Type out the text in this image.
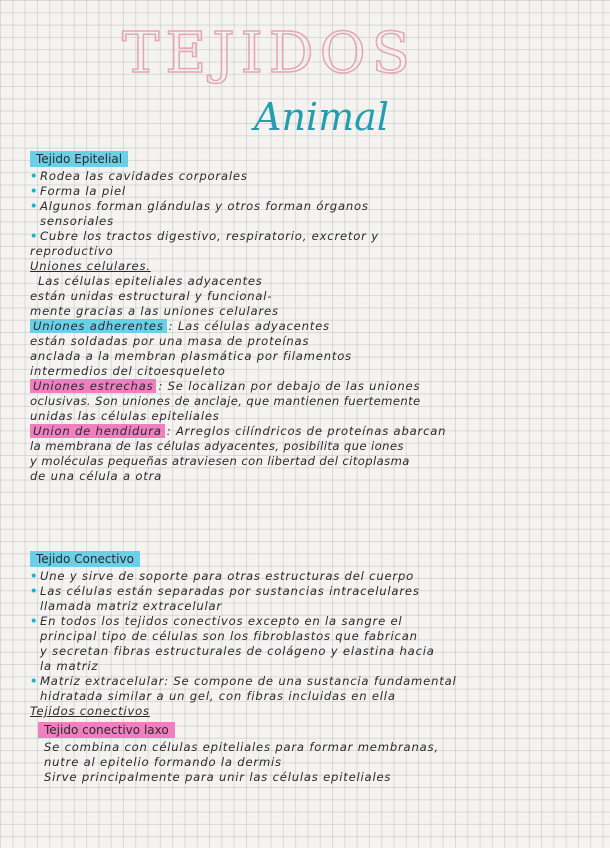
TEJIDOS
Animal
Tejido Epitelial

• Rodea las cavidades corporales

• Forma la piel

• Algunos forman glándulas y otros forman órganos

sensoriales

• Cubre los tractos digestivo, respiratorio, excretor y

reproductivo

Uniones celulares.

Las células epiteliales adyacentes

están unidas estructural y funcional-

mente gracias a las uniones celulares

Uniones adherentes : Las células adyacentes

están soldadas por una masa de proteínas

anclada a la membran plasmática por filamentos

intermedios del citoesqueleto

Uniones estrechas : Se localizan por debajo de las uniones

oclusivas. Son uniones de anclaje, que mantienen fuertemente

unidas las células epiteliales

Union de hendidura : Arreglos cilíndricos de proteínas abarcan

la membrana de las células adyacentes, posibilita que iones

y moléculas pequeñas atraviesen con libertad del citoplasma

de una célula a otra

Tejido Conectivo

• Une y sirve de soporte para otras estructuras del cuerpo

• Las células están separadas por sustancias intracelulares

llamada matriz extracelular

• En todos los tejidos conectivos excepto en la sangre el

principal tipo de células son los fibroblastos que fabrican

y secretan fibras estructurales de colágeno y elastina hacia

la matriz

• Matriz extracelular: Se compone de una sustancia fundamental

hidratada similar a un gel, con fibras incluidas en ella

Tejidos conectivos

Tejido conectivo laxo

Se combina con células epiteliales para formar membranas,

nutre al epitelio formando la dermis

Sirve principalmente para unir las células epiteliales
